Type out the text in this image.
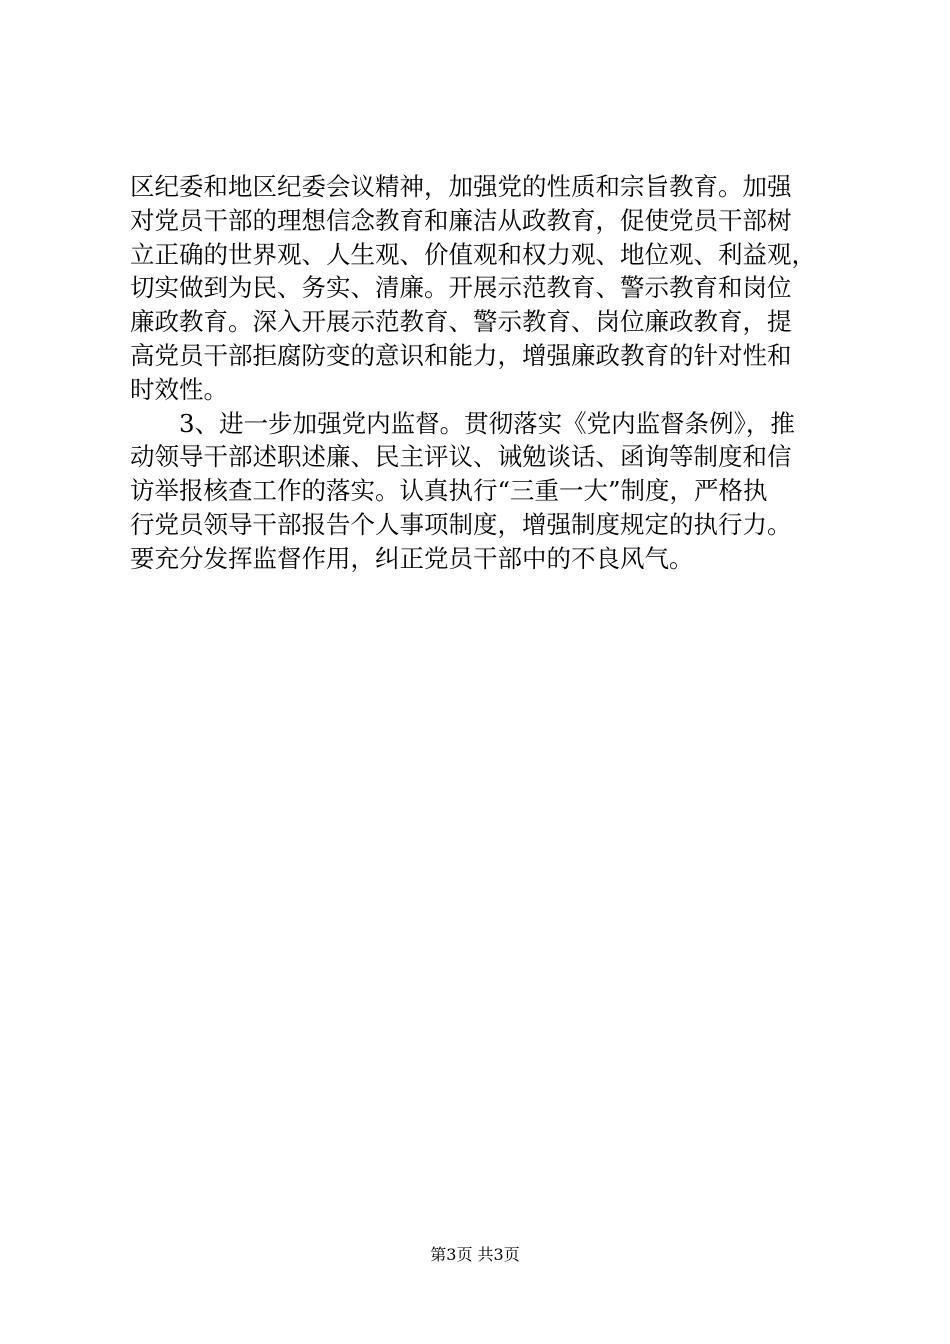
区纪委和地区纪委会议精神，加强党的性质和宗旨教育。加强
对党员干部的理想信念教育和廉洁从政教育，促使党员干部树
立正确的世界观、人生观、价值观和权力观、地位观、利益观，
切实做到为民、务实、清廉。开展示范教育、警示教育和岗位
廉政教育。深入开展示范教育、警示教育、岗位廉政教育，提
高党员干部拒腐防变的意识和能力，增强廉政教育的针对性和
时效性。

　　3、进一步加强党内监督。贯彻落实《党内监督条例》，推
动领导干部述职述廉、民主评议、诫勉谈话、函询等制度和信
访举报核查工作的落实。认真执行“三重一大”制度，严格执
行党员领导干部报告个人事项制度，增强制度规定的执行力。
要充分发挥监督作用，纠正党员干部中的不良风气。

第3页 共3页
